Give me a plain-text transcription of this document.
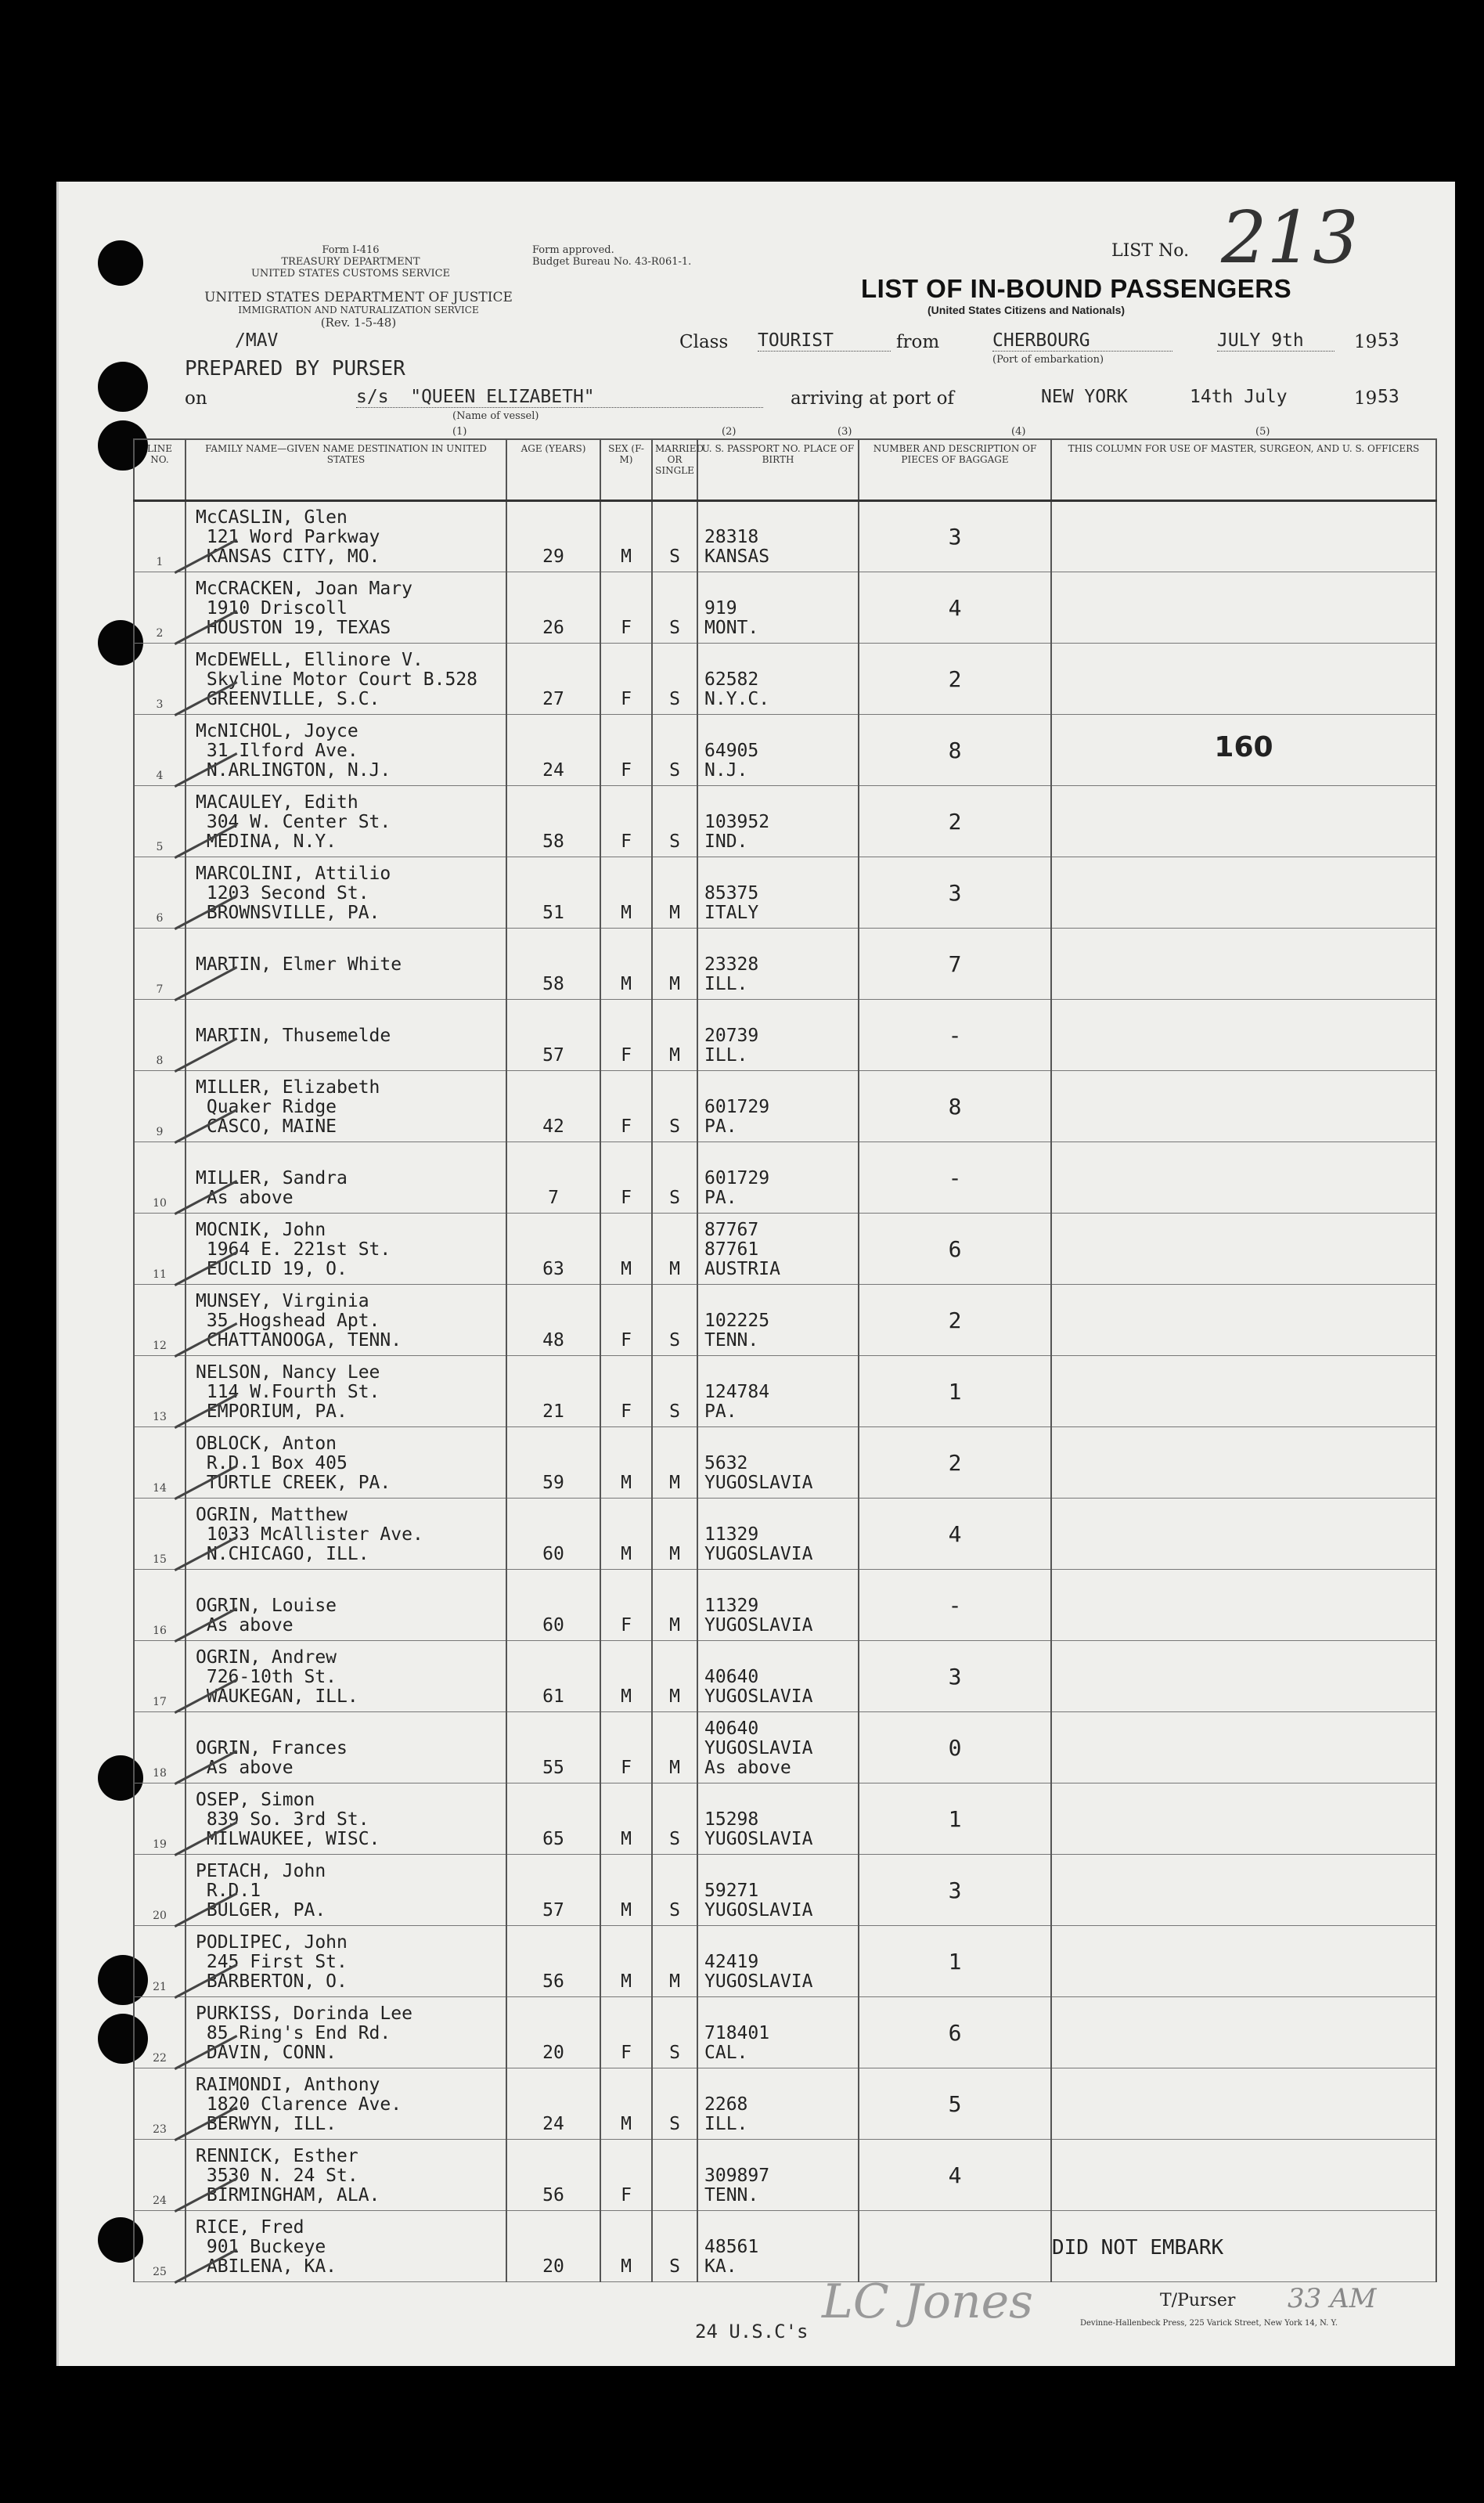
Form I-416
TREASURY DEPARTMENT
UNITED STATES CUSTOMS SERVICE
Form approved.
Budget Bureau No. 43-R061-1.
UNITED STATES DEPARTMENT OF JUSTICE
IMMIGRATION AND NATURALIZATION SERVICE
(Rev. 1-5-48)
LIST No. 213
LIST OF IN-BOUND PASSENGERS
(United States Citizens and Nationals)
/MAV	Class TOURIST	from	CHERBOURG
(Port of embarkation)
JULY 9th	19 53
PREPARED BY PURSER
on	s/s  "QUEEN ELIZABETH"
(Name of vessel)
arriving at port of	NEW YORK	14th July	19 53
(1)	(2)	(3)	(4)	(5)
LINE NO.	FAMILY NAME—GIVEN NAME DESTINATION IN UNITED STATES	AGE (YEARS)	SEX (F-M)	MARRIED OR SINGLE	U. S. PASSPORT NO. PLACE OF BIRTH	NUMBER AND DESCRIPTION OF PIECES OF BAGGAGE	THIS COLUMN FOR USE OF MASTER, SURGEON, AND U. S. OFFICERS
1	McCASLIN, Glen
121 Word Parkway
KANSAS CITY, MO.	29	M	S	28318
KANSAS	3	
2	McCRACKEN, Joan Mary
1910 Driscoll
HOUSTON 19, TEXAS	26	F	S	919
MONT.	4	
3	McDEWELL, Ellinore V.
Skyline Motor Court B.528
GREENVILLE, S.C.	27	F	S	62582
N.Y.C.	2	
4	McNICHOL, Joyce
31 Ilford Ave.
N.ARLINGTON, N.J.	24	F	S	64905
N.J.	8	160
5	MACAULEY, Edith
304 W. Center St.
MEDINA, N.Y.	58	F	S	103952
IND.	2	
6	MARCOLINI, Attilio
1203 Second St.
BROWNSVILLE, PA.	51	M	M	85375
ITALY	3	
7	MARTIN, Elmer White	58	M	M	23328
ILL.	7	
8	MARTIN, Thusemelde	57	F	M	20739
ILL.	-	
9	MILLER, Elizabeth
Quaker Ridge
CASCO, MAINE	42	F	S	601729
PA.	8	
10	MILLER, Sandra
As above	7	F	S	601729
PA.	-	
11	MOCNIK, John
1964 E. 221st St.
EUCLID 19, O.	63	M	M	87767
87761
AUSTRIA	6	
12	MUNSEY, Virginia
35 Hogshead Apt.
CHATTANOOGA, TENN.	48	F	S	102225
TENN.	2	
13	NELSON, Nancy Lee
114 W.Fourth St.
EMPORIUM, PA.	21	F	S	124784
PA.	1	
14	OBLOCK, Anton
R.D.1 Box 405
TURTLE CREEK, PA.	59	M	M	5632
YUGOSLAVIA	2	
15	OGRIN, Matthew
1033 McAllister Ave.
N.CHICAGO, ILL.	60	M	M	11329
YUGOSLAVIA	4	
16	OGRIN, Louise
As above	60	F	M	11329
YUGOSLAVIA	-	
17	OGRIN, Andrew
726-10th St.
WAUKEGAN, ILL.	61	M	M	40640
YUGOSLAVIA	3	
18	OGRIN, Frances
As above	55	F	M	40640
YUGOSLAVIA
As above	0	
19	OSEP, Simon
839 So. 3rd St.
MILWAUKEE, WISC.	65	M	S	15298
YUGOSLAVIA	1	
20	PETACH, John
R.D.1
BULGER, PA.	57	M	S	59271
YUGOSLAVIA	3	
21	PODLIPEC, John
245 First St.
BARBERTON, O.	56	M	M	42419
YUGOSLAVIA	1	
22	PURKISS, Dorinda Lee
85 Ring's End Rd.
DAVIN, CONN.	20	F	S	718401
CAL.	6	
23	RAIMONDI, Anthony
1820 Clarence Ave.
BERWYN, ILL.	24	M	S	2268
ILL.	5	
24	RENNICK, Esther
3530 N. 24 St.
BIRMINGHAM, ALA.	56	F		309897
TENN.	4	
25	RICE, Fred
901 Buckeye
ABILENA, KA.	20	M	S	48561
KA.		DID NOT EMBARK
24 U.S.C's
LC Jones	T/Purser 33 AM
Devinne-Hallenbeck Press, 225 Varick Street, New York 14, N. Y.
